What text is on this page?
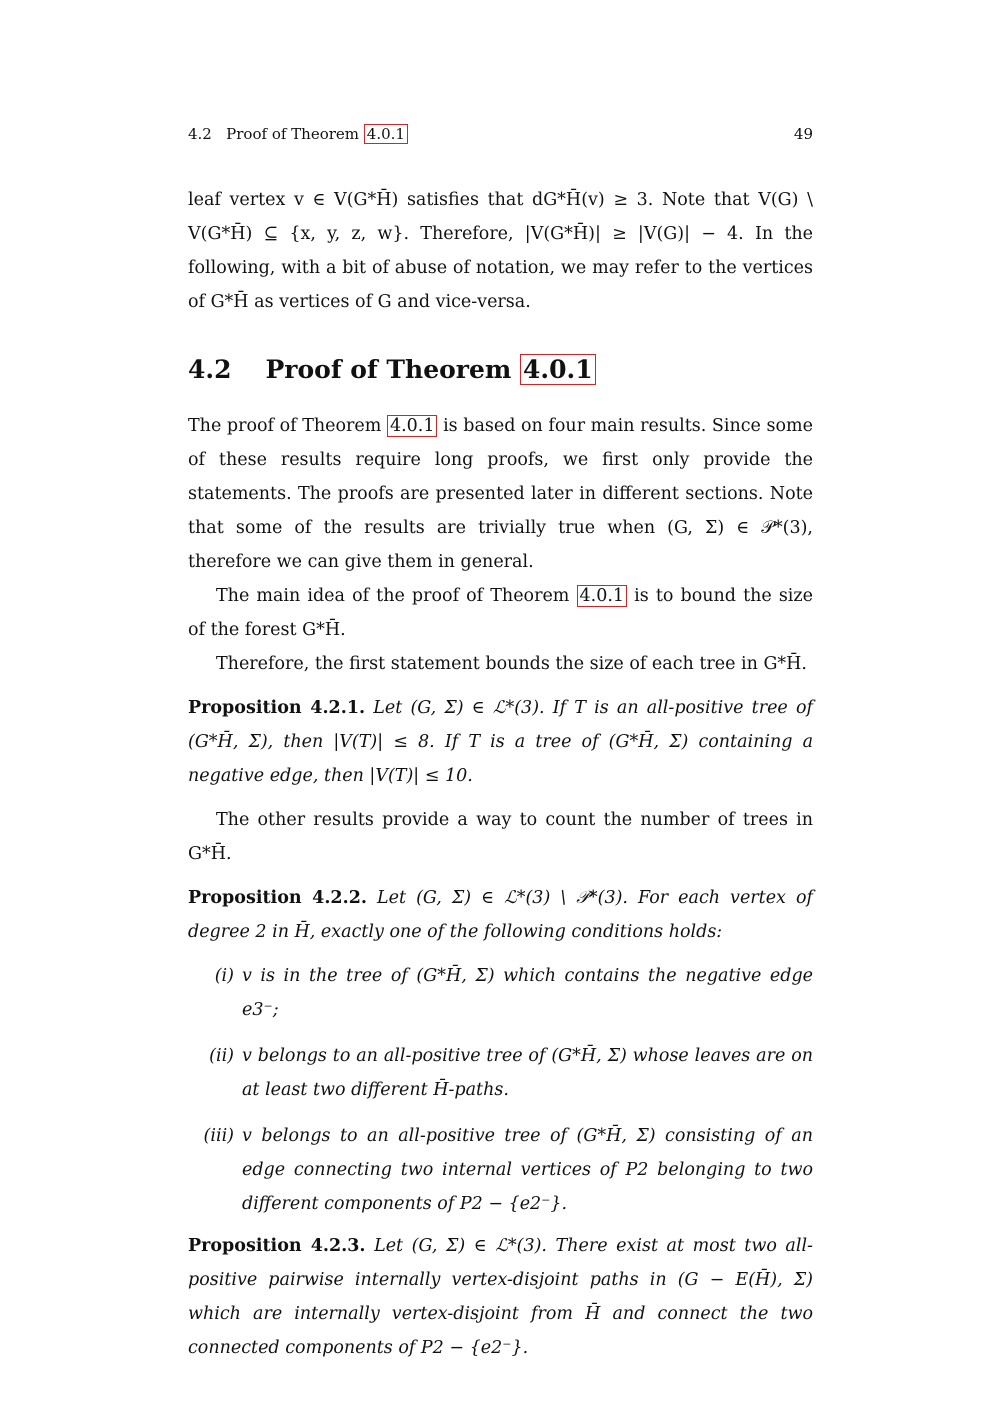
4.2 Proof of Theorem 4.0.1	49

leaf vertex v ∈ V(G*H̄) satisfies that dG*H̄(v) ≥ 3. Note that V(G) \ V(G*H̄) ⊆ {x, y, z, w}. Therefore, |V(G*H̄)| ≥ |V(G)| − 4. In the following, with a bit of abuse of notation, we may refer to the vertices of G*H̄ as vertices of G and vice-versa.

4.2 Proof of Theorem 4.0.1

The proof of Theorem 4.0.1 is based on four main results. Since some of these results require long proofs, we first only provide the statements. The proofs are presented later in different sections. Note that some of the results are trivially true when (G, Σ) ∈ 𝒫*(3), therefore we can give them in general.

The main idea of the proof of Theorem 4.0.1 is to bound the size of the forest G*H̄.

Therefore, the first statement bounds the size of each tree in G*H̄.

Proposition 4.2.1. Let (G, Σ) ∈ ℒ*(3). If T is an all-positive tree of (G*H̄, Σ), then |V(T)| ≤ 8. If T is a tree of (G*H̄, Σ) containing a negative edge, then |V(T)| ≤ 10.

The other results provide a way to count the number of trees in G*H̄.

Proposition 4.2.2. Let (G, Σ) ∈ ℒ*(3) \ 𝒫*(3). For each vertex of degree 2 in H̄, exactly one of the following conditions holds:

(i) v is in the tree of (G*H̄, Σ) which contains the negative edge e3⁻;
(ii) v belongs to an all-positive tree of (G*H̄, Σ) whose leaves are on at least two different H̄-paths.
(iii) v belongs to an all-positive tree of (G*H̄, Σ) consisting of an edge connecting two internal vertices of P2 belonging to two different components of P2 − {e2⁻}.

Proposition 4.2.3. Let (G, Σ) ∈ ℒ*(3). There exist at most two all-positive pairwise internally vertex-disjoint paths in (G − E(H̄), Σ) which are internally vertex-disjoint from H̄ and connect the two connected components of P2 − {e2⁻}.
